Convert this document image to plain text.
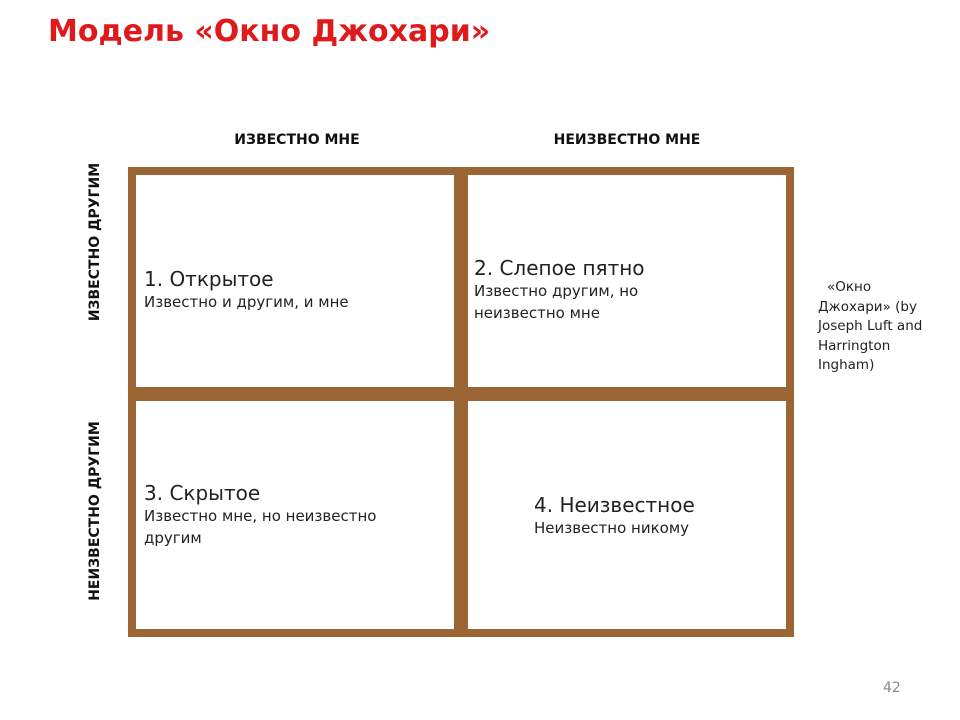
Модель «Окно Джохари»
ИЗВЕСТНО МНЕ	НЕИЗВЕСТНО МНЕ
ИЗВЕСТНО ДРУГИМ
НЕИЗВЕСТНО ДРУГИМ
1. Открытое
Известно и другим, и мне
2. Слепое пятно
Известно другим, но
неизвестно мне
3. Скрытое
Известно мне, но неизвестно
другим
4. Неизвестное
Неизвестно никому
«Окно
Джохари» (by
Joseph Luft and
Harrington
Ingham)
42
